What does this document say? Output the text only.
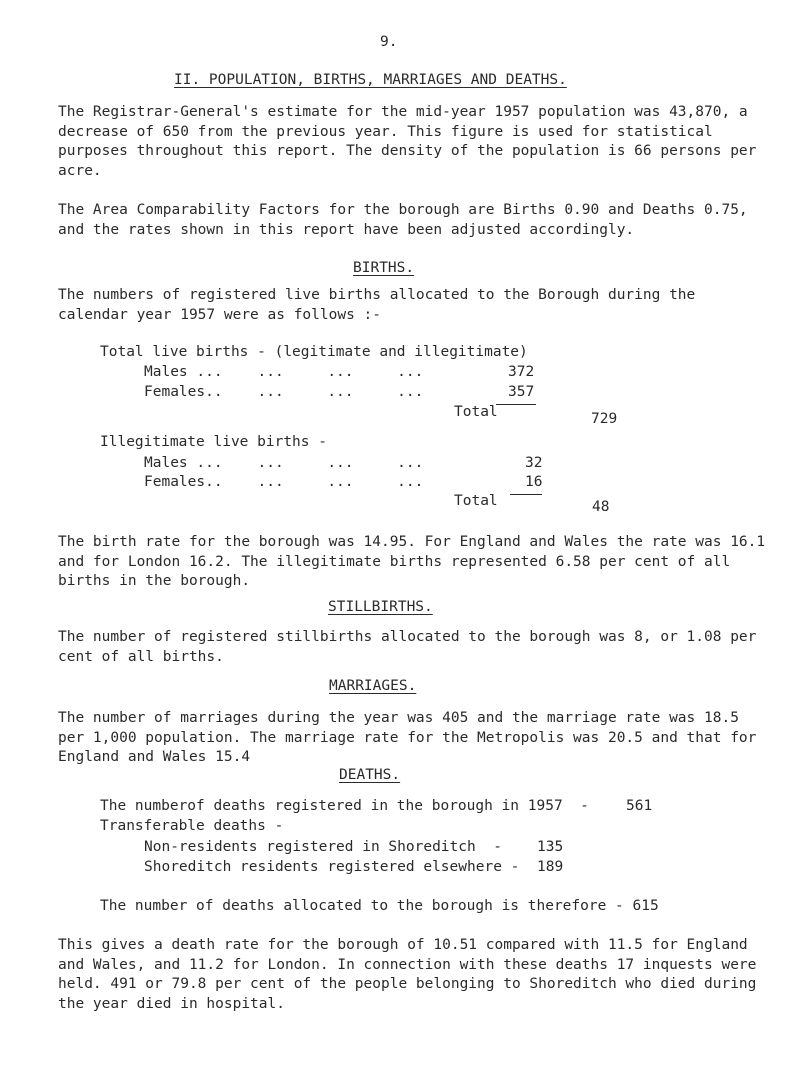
9.
II. POPULATION, BIRTHS, MARRIAGES AND DEATHS.
The Registrar-General's estimate for the mid-year 1957 population was 43,870, a decrease of 650 from the previous year. This figure is used for statistical purposes throughout this report. The density of the population is 66 persons per acre.
The Area Comparability Factors for the borough are Births 0.90 and Deaths 0.75, and the rates shown in this report have been adjusted accordingly.
BIRTHS.
The numbers of registered live births allocated to the Borough during the calendar year 1957 were as follows :-
Total live births - (legitimate and illegitimate)
Males ...    ...     ...     ...	372
Females..    ...     ...     ...	357
Total	729
Illegitimate live births -
Males ...    ...     ...     ...	32
Females..    ...     ...     ...	16
Total	48
The birth rate for the borough was 14.95. For England and Wales the rate was 16.1 and for London 16.2. The illegitimate births represented 6.58 per cent of all births in the borough.
STILLBIRTHS.
The number of registered stillbirths allocated to the borough was 8, or 1.08 per cent of all births.
MARRIAGES.
The number of marriages during the year was 405 and the marriage rate was 18.5 per 1,000 population. The marriage rate for the Metropolis was 20.5 and that for England and Wales 15.4
DEATHS.
The numberof deaths registered in the borough in 1957  -	561
Transferable deaths -
Non-residents registered in Shoreditch  - 135
Shoreditch residents registered elsewhere - 189
The number of deaths allocated to the borough is therefore - 615
This gives a death rate for the borough of 10.51 compared with 11.5 for England and Wales, and 11.2 for London. In connection with these deaths 17 inquests were held. 491 or 79.8 per cent of the people belonging to Shoreditch who died during the year died in hospital.
